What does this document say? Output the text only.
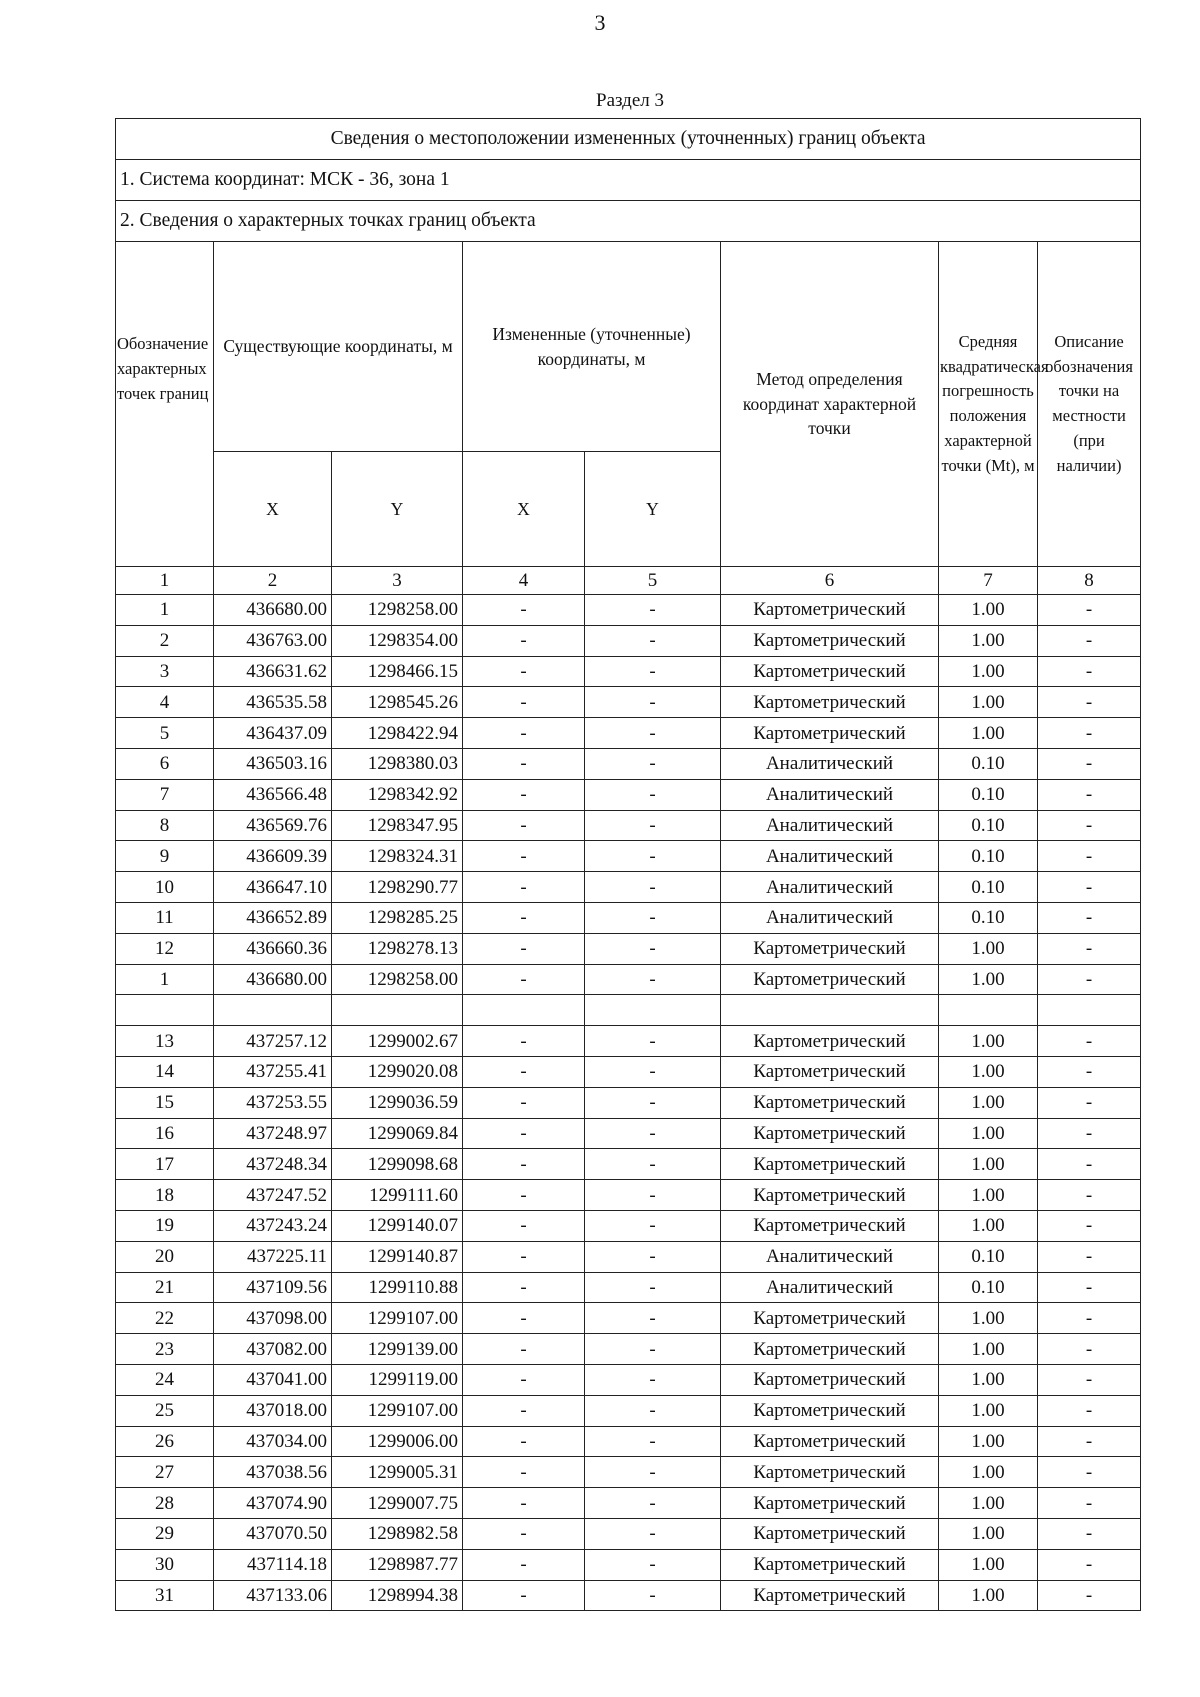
3
Раздел 3
Сведения о местоположении измененных (уточненных) границ объекта							
1. Система координат: МСК - 36, зона 1							
2. Сведения о характерных точках границ объекта							
Обозначение характерных точек границ	Существующие координаты, м		Измененные (уточненные) координаты, м		Метод определения координат характерной точки	Средняя квадратическая погрешность положения характерной точки (Mt), м	Описание обозначения точки на местности (при наличии)
	X	Y	X	Y			
1	2	3	4	5	6	7	8
1	436680.00	1298258.00	-	-	Картометрический	1.00	-
2	436763.00	1298354.00	-	-	Картометрический	1.00	-
3	436631.62	1298466.15	-	-	Картометрический	1.00	-
4	436535.58	1298545.26	-	-	Картометрический	1.00	-
5	436437.09	1298422.94	-	-	Картометрический	1.00	-
6	436503.16	1298380.03	-	-	Аналитический	0.10	-
7	436566.48	1298342.92	-	-	Аналитический	0.10	-
8	436569.76	1298347.95	-	-	Аналитический	0.10	-
9	436609.39	1298324.31	-	-	Аналитический	0.10	-
10	436647.10	1298290.77	-	-	Аналитический	0.10	-
11	436652.89	1298285.25	-	-	Аналитический	0.10	-
12	436660.36	1298278.13	-	-	Картометрический	1.00	-
1	436680.00	1298258.00	-	-	Картометрический	1.00	-

13	437257.12	1299002.67	-	-	Картометрический	1.00	-
14	437255.41	1299020.08	-	-	Картометрический	1.00	-
15	437253.55	1299036.59	-	-	Картометрический	1.00	-
16	437248.97	1299069.84	-	-	Картометрический	1.00	-
17	437248.34	1299098.68	-	-	Картометрический	1.00	-
18	437247.52	1299111.60	-	-	Картометрический	1.00	-
19	437243.24	1299140.07	-	-	Картометрический	1.00	-
20	437225.11	1299140.87	-	-	Аналитический	0.10	-
21	437109.56	1299110.88	-	-	Аналитический	0.10	-
22	437098.00	1299107.00	-	-	Картометрический	1.00	-
23	437082.00	1299139.00	-	-	Картометрический	1.00	-
24	437041.00	1299119.00	-	-	Картометрический	1.00	-
25	437018.00	1299107.00	-	-	Картометрический	1.00	-
26	437034.00	1299006.00	-	-	Картометрический	1.00	-
27	437038.56	1299005.31	-	-	Картометрический	1.00	-
28	437074.90	1299007.75	-	-	Картометрический	1.00	-
29	437070.50	1298982.58	-	-	Картометрический	1.00	-
30	437114.18	1298987.77	-	-	Картометрический	1.00	-
31	437133.06	1298994.38	-	-	Картометрический	1.00	-
